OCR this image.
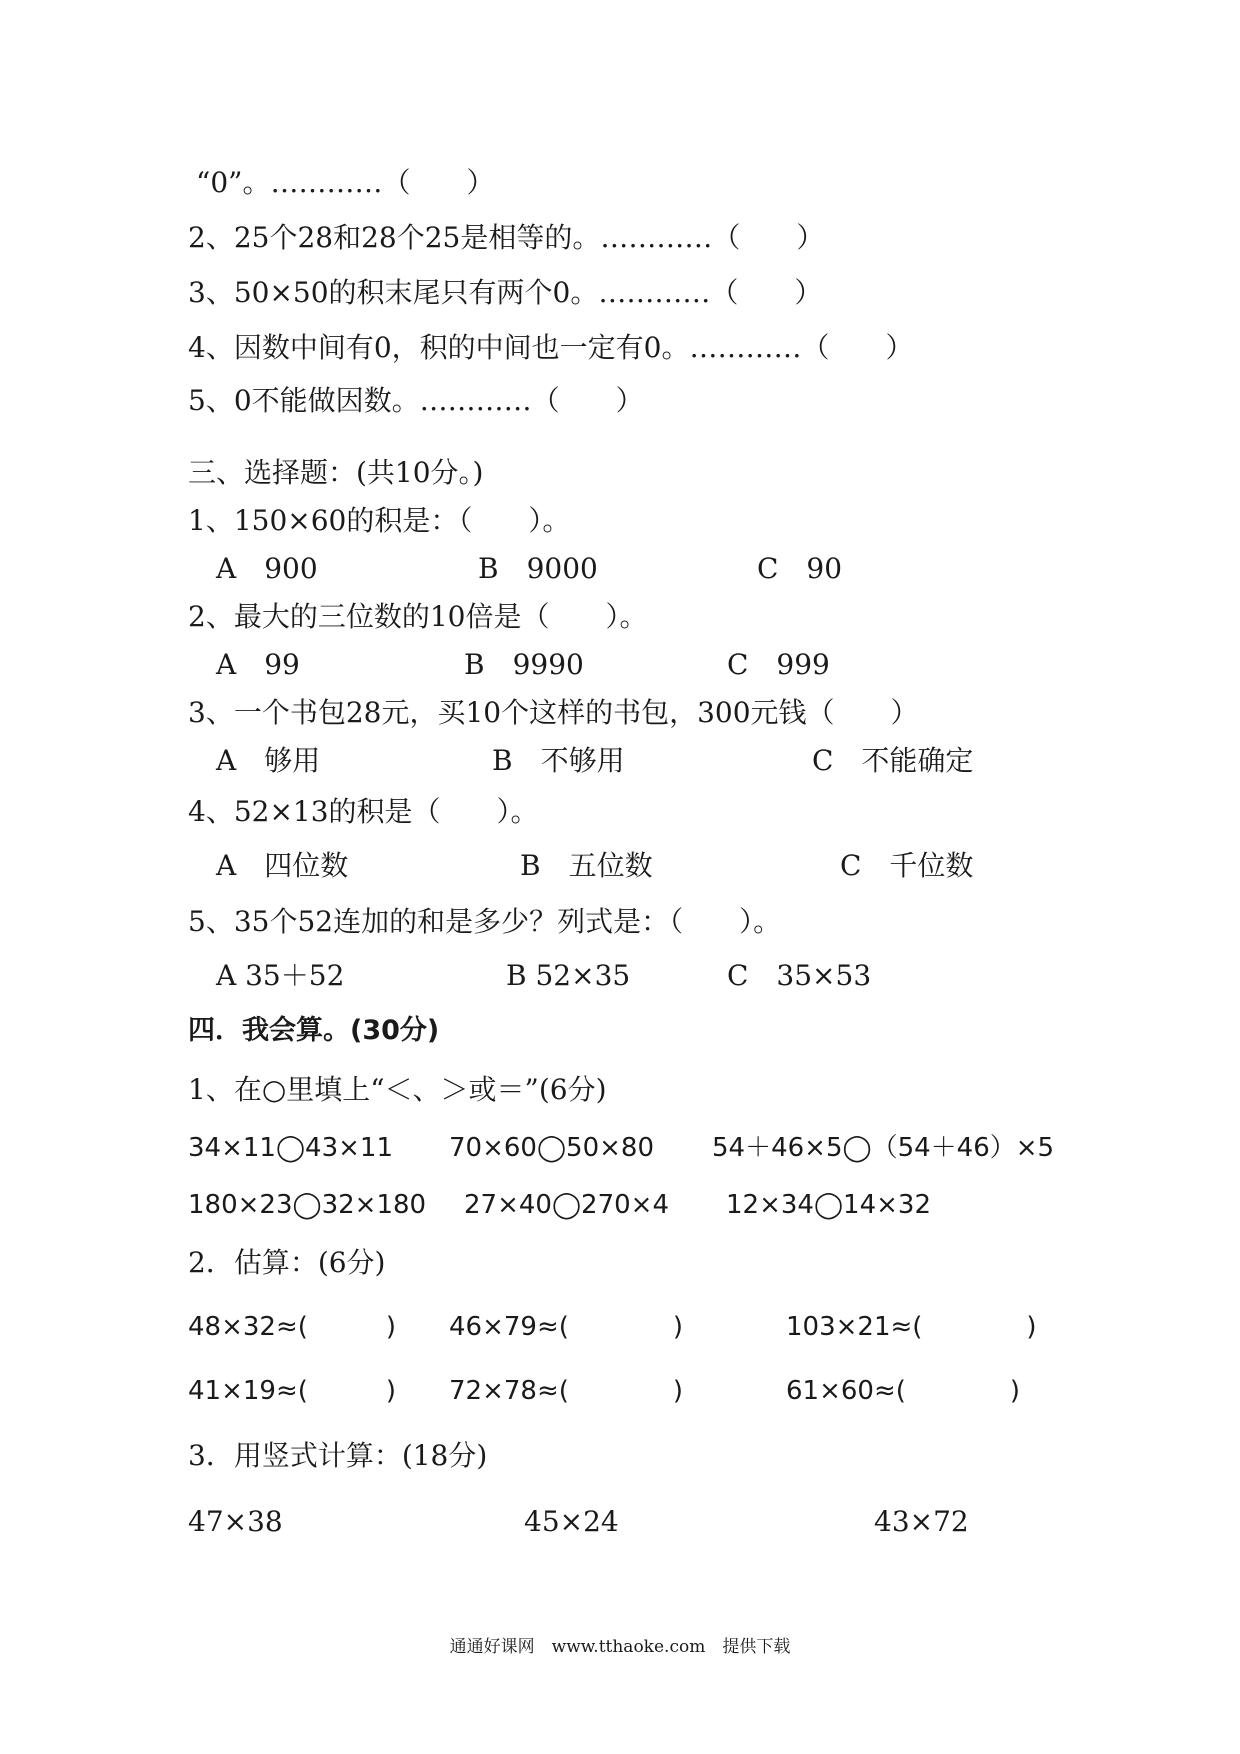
“0”。…………（　　）
2、25个28和28个25是相等的。…………（　　）
3、50×50的积末尾只有两个0。…………（　　）
4、因数中间有0，积的中间也一定有0。…………（　　）
5、0不能做因数。…………（　　）
三、选择题：(共10分。)
1、150×60的积是：（　　）。
A　900	B　9000	C　90
2、最大的三位数的10倍是（　　）。
A　99	B　9990	C　999
3、一个书包28元，买10个这样的书包，300元钱（　　）
A　够用	B　不够用	C　不能确定
4、52×13的积是（　　）。
A　四位数	B　五位数	C　千位数
5、35个52连加的和是多少？列式是：（　　）。
A 35＋52	B 52×35	C　35×53
四．我会算。(30分)
1、在○里填上“＜、＞或＝”(6分)
34×11◯43×11 70×60◯50×80 54＋46×5◯（54＋46）×5
180×23◯32×180 27×40◯270×4 12×34◯14×32
2．估算：(6分)
48×32≈(　　　) 46×79≈(　　　　)	103×21≈(　　　　)
41×19≈(　　　) 72×78≈(　　　　)	61×60≈(　　　　)
3．用竖式计算：(18分)
47×38	45×24	43×72
通通好课网　www.tthaoke.com　提供下载
